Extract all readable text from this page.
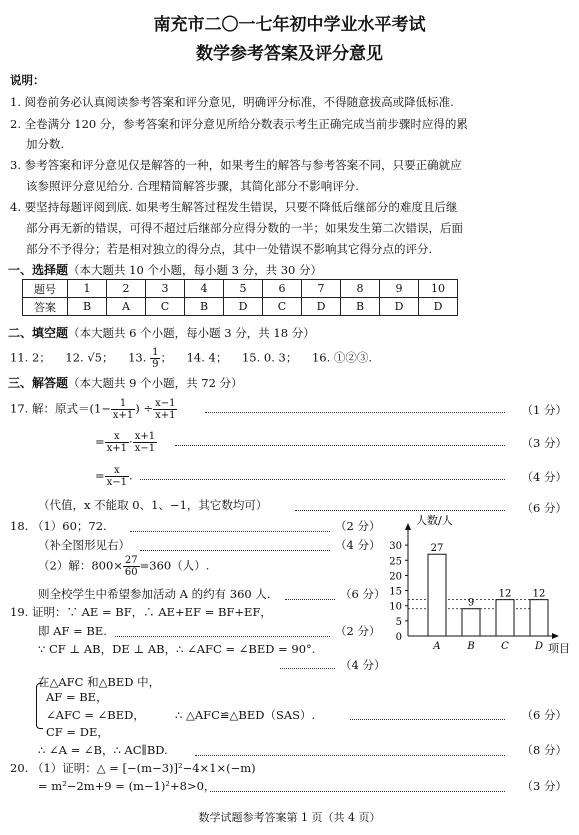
南充市二〇一七年初中学业水平考试
数学参考答案及评分意见
说明：
1. 阅卷前务必认真阅读参考答案和评分意见，明确评分标准，不得随意拔高或降低标准.
2. 全卷满分 120 分，参考答案和评分意见所给分数表示考生正确完成当前步骤时应得的累
加分数.
3. 参考答案和评分意见仅是解答的一种，如果考生的解答与参考答案不同，只要正确就应
该参照评分意见给分. 合理精简解答步骤，其简化部分不影响评分.
4. 要坚持每题评阅到底. 如果考生解答过程发生错误，只要不降低后继部分的难度且后继
部分再无新的错误，可得不超过后继部分应得分数的一半；如果发生第二次错误，后面
部分不予得分；若是相对独立的得分点，其中一处错误不影响其它得分点的评分.
一、选择题（本大题共 10 个小题，每小题 3 分，共 30 分）
题号	1	2	3	4	5	6	7	8	9	10
答案	B	A	C	B	D	C	D	B	D	D
二、填空题（本大题共 6 个小题，每小题 3 分，共 18 分）
11. 2； 12. √5； 13. $\frac{1}{9}$ ； 14. 4； 15. 0. 3； 16. ①②③.
三、解答题（本大题共 9 个小题，共 72 分）
17. 解：原式$=(1- \frac{1}{x+1}$ ) ÷ $\frac{x-1}{x+1}$	（1 分）
= $\frac{x}{x+1} \cdot \frac{x+1}{x-1}$	（3 分）
= $\frac{x}{x-1}$ .	（4 分）
（代值，x 不能取 0、1、−1，其它数均可）	（6 分）
18. （1）60；72.	（2 分）
（补全图形见右）	（4 分）
（2）解：$800\times \frac{27}{60} =360$（人）.
则全校学生中希望参加活动 A 的约有 360 人.	（6 分）
人数/人
项目
0
5
10
15
20
25
30	27
A
9
B
12
C
12
D
19. 证明：∵ AE = BF，∴ AE+EF = BF+EF，
即 AF = BE.	（2 分）
∵ CF ⊥ AB，DE ⊥ AB，∴ ∠AFC = ∠BED = 90°.
（4 分）
在△AFC 和△BED 中，
AF = BE，
∠AFC = ∠BED，	∴ △AFC≌△BED（SAS）.	（6 分）
CF = DE，
∴ ∠A = ∠B，∴ AC∥BD.	（8 分）
20. （1）证明：△ = [−(m−3)]²−4×1×(−m)
= m²−2m+9 = (m−1)²+8>0，	（3 分）
数学试题参考答案第 1 页（共 4 页）
